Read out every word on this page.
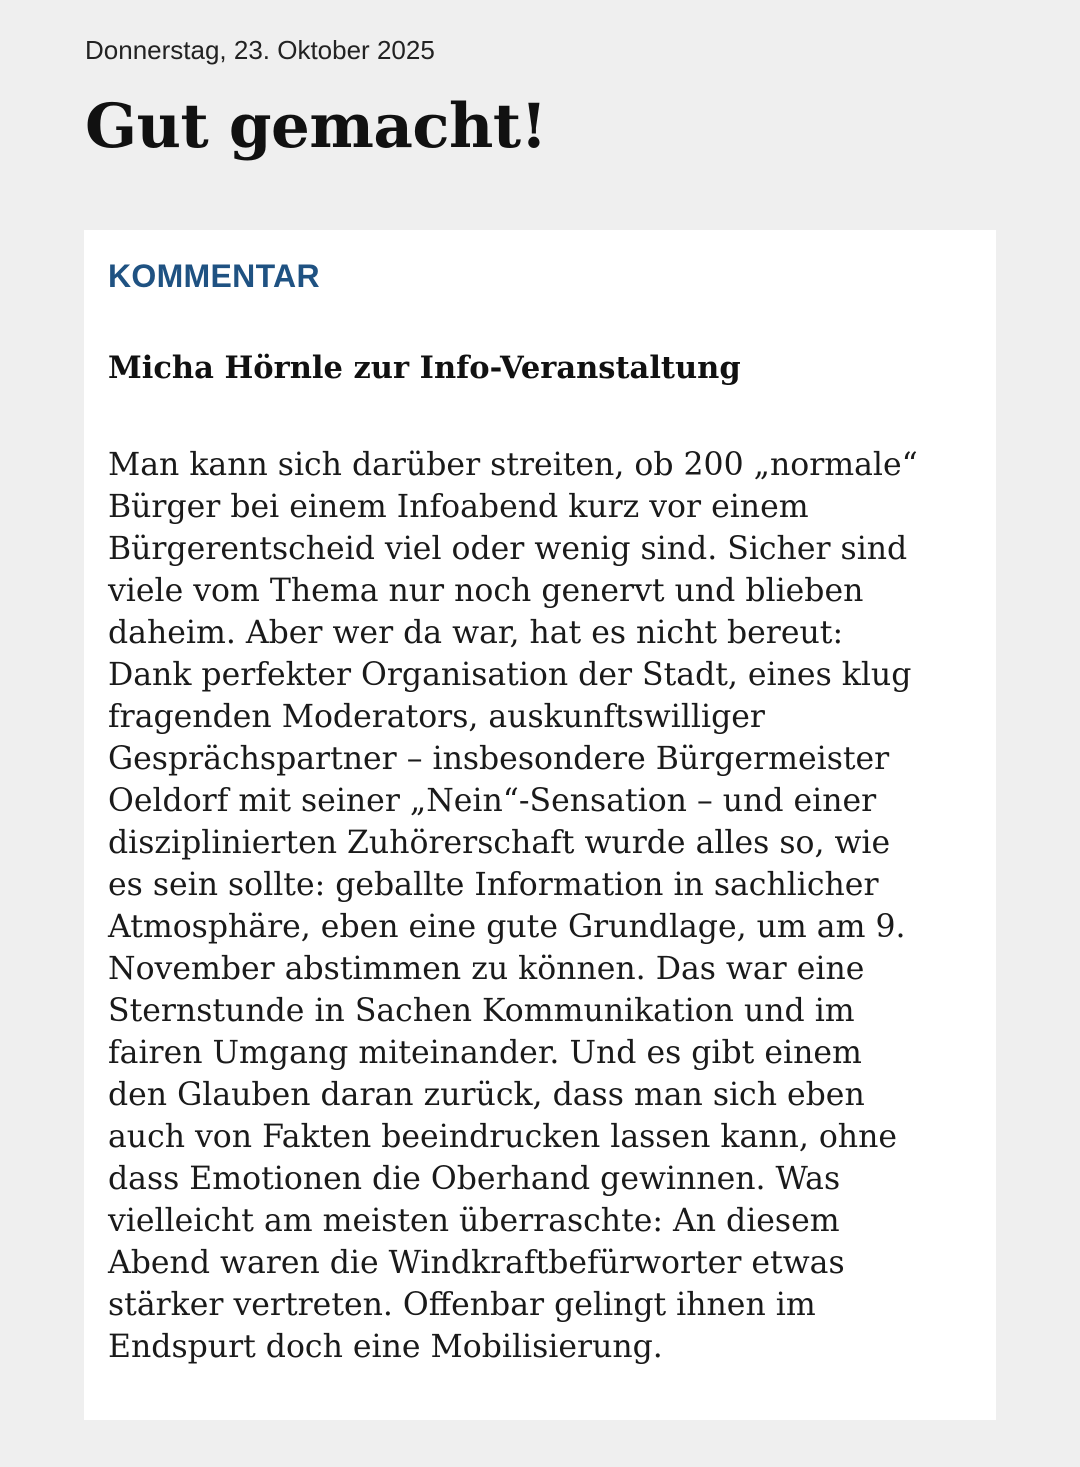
Donnerstag, 23. Oktober 2025
Gut gemacht!
KOMMENTAR
Micha Hörnle zur Info-Veranstaltung
Man kann sich darüber streiten, ob 200 „normale“
Bürger bei einem Infoabend kurz vor einem
Bürgerentscheid viel oder wenig sind. Sicher sind
viele vom Thema nur noch genervt und blieben
daheim. Aber wer da war, hat es nicht bereut:
Dank perfekter Organisation der Stadt, eines klug
fragenden Moderators, auskunftswilliger
Gesprächspartner – insbesondere Bürgermeister
Oeldorf mit seiner „Nein“-Sensation – und einer
disziplinierten Zuhörerschaft wurde alles so, wie
es sein sollte: geballte Information in sachlicher
Atmosphäre, eben eine gute Grundlage, um am 9.
November abstimmen zu können. Das war eine
Sternstunde in Sachen Kommunikation und im
fairen Umgang miteinander. Und es gibt einem
den Glauben daran zurück, dass man sich eben
auch von Fakten beeindrucken lassen kann, ohne
dass Emotionen die Oberhand gewinnen. Was
vielleicht am meisten überraschte: An diesem
Abend waren die Windkraftbefürworter etwas
stärker vertreten. Offenbar gelingt ihnen im
Endspurt doch eine Mobilisierung.
